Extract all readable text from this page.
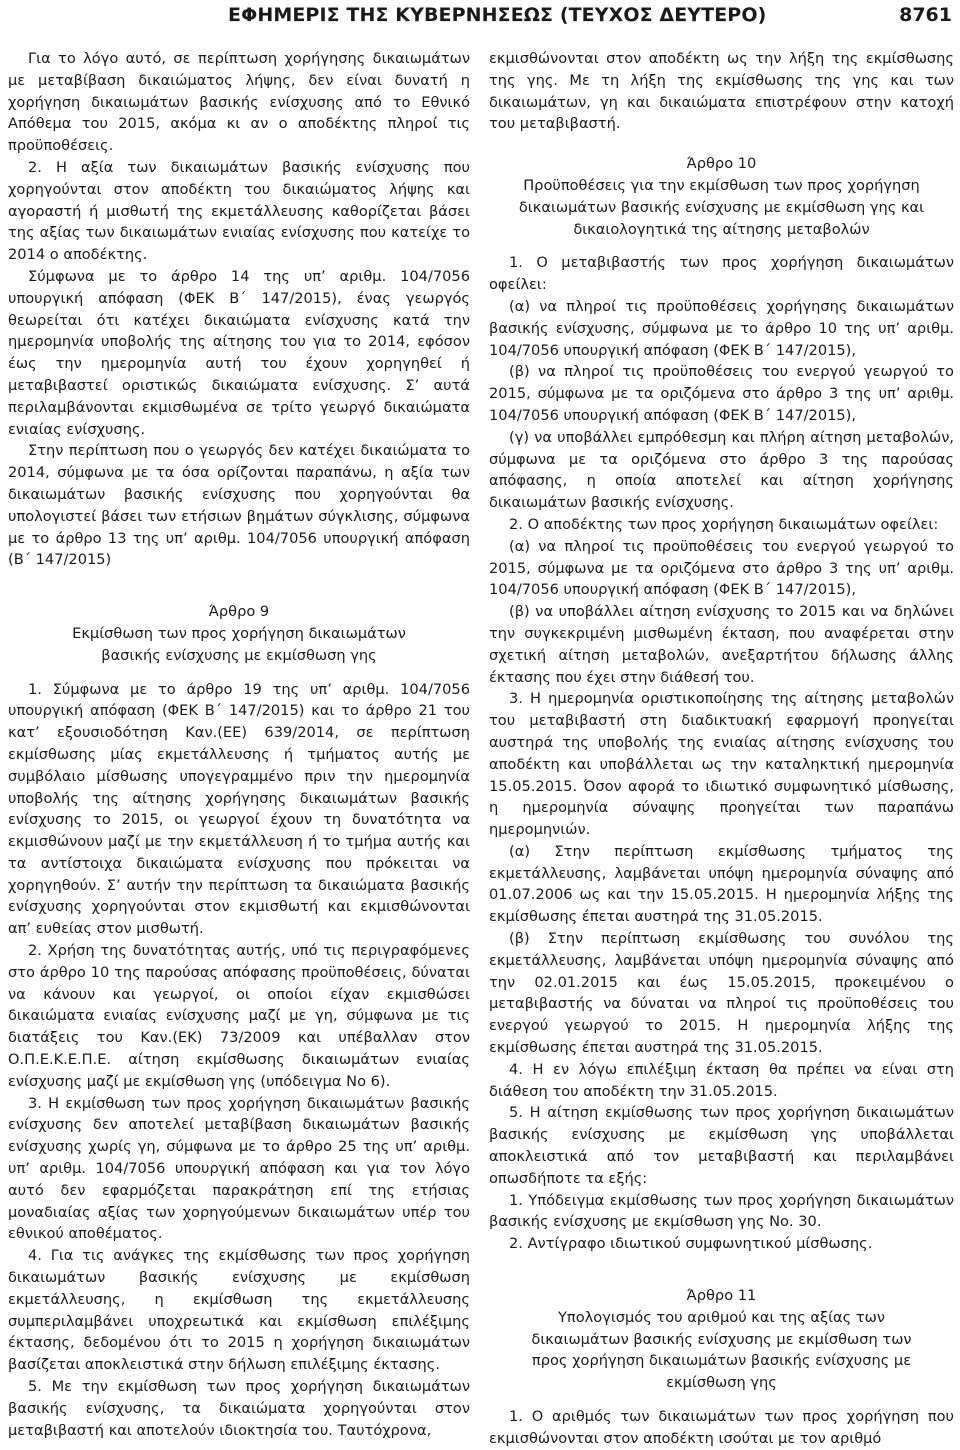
ΕΦΗΜΕΡΙΣ ΤΗΣ ΚΥΒΕΡΝΗΣΕΩΣ (ΤΕΥΧΟΣ ΔΕΥΤΕΡΟ)	8761

Για το λόγο αυτό, σε περίπτωση χορήγησης δικαιωμάτων με μεταβίβαση δικαιώματος λήψης, δεν είναι δυνατή η χορήγηση δικαιωμάτων βασικής ενίσχυσης από το Εθνικό Απόθεμα του 2015, ακόμα κι αν ο αποδέκτης πληροί τις προϋποθέσεις.

2. Η αξία των δικαιωμάτων βασικής ενίσχυσης που χορηγούνται στον αποδέκτη του δικαιώματος λήψης και αγοραστή ή μισθωτή της εκμετάλλευσης καθορίζεται βάσει της αξίας των δικαιωμάτων ενιαίας ενίσχυσης που κατείχε το 2014 ο αποδέκτης.

Σύμφωνα με το άρθρο 14 της υπ’ αριθμ. 104/7056 υπουργική απόφαση (ΦΕΚ Β΄ 147/2015), ένας γεωργός θεωρείται ότι κατέχει δικαιώματα ενίσχυσης κατά την ημερομηνία υποβολής της αίτησης του για το 2014, εφόσον έως την ημερομηνία αυτή του έχουν χορηγηθεί ή μεταβιβαστεί οριστικώς δικαιώματα ενίσχυσης. Σ’ αυτά περιλαμβάνονται εκμισθωμένα σε τρίτο γεωργό δικαιώματα ενιαίας ενίσχυσης.

Στην περίπτωση που ο γεωργός δεν κατέχει δικαιώματα το 2014, σύμφωνα με τα όσα ορίζονται παραπάνω, η αξία των δικαιωμάτων βασικής ενίσχυσης που χορηγούνται θα υπολογιστεί βάσει των ετήσιων βημάτων σύγκλισης, σύμφωνα με το άρθρο 13 της υπ’ αριθμ. 104/7056 υπουργική απόφαση (Β΄ 147/2015)

Άρθρο 9
Εκμίσθωση των προς χορήγηση δικαιωμάτων βασικής ενίσχυσης με εκμίσθωση γης

1. Σύμφωνα με το άρθρο 19 της υπ’ αριθμ. 104/7056 υπουργική απόφαση (ΦΕΚ Β΄ 147/2015) και το άρθρο 21 του κατ’ εξουσιοδότηση Καν.(ΕΕ) 639/2014, σε περίπτωση εκμίσθωσης μίας εκμετάλλευσης ή τμήματος αυτής με συμβόλαιο μίσθωσης υπογεγραμμένο πριν την ημερομηνία υποβολής της αίτησης χορήγησης δικαιωμάτων βασικής ενίσχυσης το 2015, οι γεωργοί έχουν τη δυνατότητα να εκμισθώνουν μαζί με την εκμετάλλευση ή το τμήμα αυτής και τα αντίστοιχα δικαιώματα ενίσχυσης που πρόκειται να χορηγηθούν. Σ’ αυτήν την περίπτωση τα δικαιώματα βασικής ενίσχυσης χορηγούνται στον εκμισθωτή και εκμισθώνονται απ’ ευθείας στον μισθωτή.

2. Χρήση της δυνατότητας αυτής, υπό τις περιγραφόμενες στο άρθρο 10 της παρούσας απόφασης προϋποθέσεις, δύναται να κάνουν και γεωργοί, οι οποίοι είχαν εκμισθώσει δικαιώματα ενιαίας ενίσχυσης μαζί με γη, σύμφωνα με τις διατάξεις του Καν.(ΕΚ) 73/2009 και υπέβαλλαν στον Ο.Π.Ε.Κ.Ε.Π.Ε. αίτηση εκμίσθωσης δικαιωμάτων ενιαίας ενίσχυσης μαζί με εκμίσθωση γης (υπόδειγμα Νο 6).

3. Η εκμίσθωση των προς χορήγηση δικαιωμάτων βασικής ενίσχυσης δεν αποτελεί μεταβίβαση δικαιωμάτων βασικής ενίσχυσης χωρίς γη, σύμφωνα με το άρθρο 25 της υπ’ αριθμ. υπ’ αριθμ. 104/7056 υπουργική απόφαση και για τον λόγο αυτό δεν εφαρμόζεται παρακράτηση επί της ετήσιας μοναδιαίας αξίας των χορηγούμενων δικαιωμάτων υπέρ του εθνικού αποθέματος.

4. Για τις ανάγκες της εκμίσθωσης των προς χορήγηση δικαιωμάτων βασικής ενίσχυσης με εκμίσθωση εκμετάλλευσης, η εκμίσθωση της εκμετάλλευσης συμπεριλαμβάνει υποχρεωτικά και εκμίσθωση επιλέξιμης έκτασης, δεδομένου ότι το 2015 η χορήγηση δικαιωμάτων βασίζεται αποκλειστικά στην δήλωση επιλέξιμης έκτασης.

5. Με την εκμίσθωση των προς χορήγηση δικαιωμάτων βασικής ενίσχυσης, τα δικαιώματα χορηγούνται στον μεταβιβαστή και αποτελούν ιδιοκτησία του. Ταυτόχρονα,

εκμισθώνονται στον αποδέκτη ως την λήξη της εκμίσθωσης της γης. Με τη λήξη της εκμίσθωσης της γης και των δικαιωμάτων, γη και δικαιώματα επιστρέφουν στην κατοχή του μεταβιβαστή.

Άρθρο 10
Προϋποθέσεις για την εκμίσθωση των προς χορήγηση δικαιωμάτων βασικής ενίσχυσης με εκμίσθωση γης και δικαιολογητικά της αίτησης μεταβολών

1. Ο μεταβιβαστής των προς χορήγηση δικαιωμάτων οφείλει:

(α) να πληροί τις προϋποθέσεις χορήγησης δικαιωμάτων βασικής ενίσχυσης, σύμφωνα με το άρθρο 10 της υπ’ αριθμ. 104/7056 υπουργική απόφαση (ΦΕΚ Β΄ 147/2015),

(β) να πληροί τις προϋποθέσεις του ενεργού γεωργού το 2015, σύμφωνα με τα οριζόμενα στο άρθρο 3 της υπ’ αριθμ. 104/7056 υπουργική απόφαση (ΦΕΚ Β΄ 147/2015),

(γ) να υποβάλλει εμπρόθεσμη και πλήρη αίτηση μεταβολών, σύμφωνα με τα οριζόμενα στο άρθρο 3 της παρούσας απόφασης, η οποία αποτελεί και αίτηση χορήγησης δικαιωμάτων βασικής ενίσχυσης.

2. Ο αποδέκτης των προς χορήγηση δικαιωμάτων οφείλει:

(α) να πληροί τις προϋποθέσεις του ενεργού γεωργού το 2015, σύμφωνα με τα οριζόμενα στο άρθρο 3 της υπ’ αριθμ. 104/7056 υπουργική απόφαση (ΦΕΚ Β΄ 147/2015),

(β) να υποβάλλει αίτηση ενίσχυσης το 2015 και να δηλώνει την συγκεκριμένη μισθωμένη έκταση, που αναφέρεται στην σχετική αίτηση μεταβολών, ανεξαρτήτου δήλωσης άλλης έκτασης που έχει στην διάθεσή του.

3. Η ημερομηνία οριστικοποίησης της αίτησης μεταβολών του μεταβιβαστή στη διαδικτυακή εφαρμογή προηγείται αυστηρά της υποβολής της ενιαίας αίτησης ενίσχυσης του αποδέκτη και υποβάλλεται ως την καταληκτική ημερομηνία 15.05.2015. Όσον αφορά το ιδιωτικό συμφωνητικό μίσθωσης, η ημερομηνία σύναψης προηγείται των παραπάνω ημερομηνιών.

(α) Στην περίπτωση εκμίσθωσης τμήματος της εκμετάλλευσης, λαμβάνεται υπόψη ημερομηνία σύναψης από 01.07.2006 ως και την 15.05.2015. Η ημερομηνία λήξης της εκμίσθωσης έπεται αυστηρά της 31.05.2015.

(β) Στην περίπτωση εκμίσθωσης του συνόλου της εκμετάλλευσης, λαμβάνεται υπόψη ημερομηνία σύναψης από την 02.01.2015 και έως 15.05.2015, προκειμένου ο μεταβιβαστής να δύναται να πληροί τις προϋποθέσεις του ενεργού γεωργού το 2015. Η ημερομηνία λήξης της εκμίσθωσης έπεται αυστηρά της 31.05.2015.

4. Η εν λόγω επιλέξιμη έκταση θα πρέπει να είναι στη διάθεση του αποδέκτη την 31.05.2015.

5. Η αίτηση εκμίσθωσης των προς χορήγηση δικαιωμάτων βασικής ενίσχυσης με εκμίσθωση γης υποβάλλεται αποκλειστικά από τον μεταβιβαστή και περιλαμβάνει οπωσδήποτε τα εξής:

1. Υπόδειγμα εκμίσθωσης των προς χορήγηση δικαιωμάτων βασικής ενίσχυσης με εκμίσθωση γης Νο. 30.

2. Αντίγραφο ιδιωτικού συμφωνητικού μίσθωσης.

Άρθρο 11
Υπολογισμός του αριθμού και της αξίας των δικαιωμάτων βασικής ενίσχυσης με εκμίσθωση των προς χορήγηση δικαιωμάτων βασικής ενίσχυσης με εκμίσθωση γης

1. Ο αριθμός των δικαιωμάτων των προς χορήγηση που εκμισθώνονται στον αποδέκτη ισούται με τον αριθμό
